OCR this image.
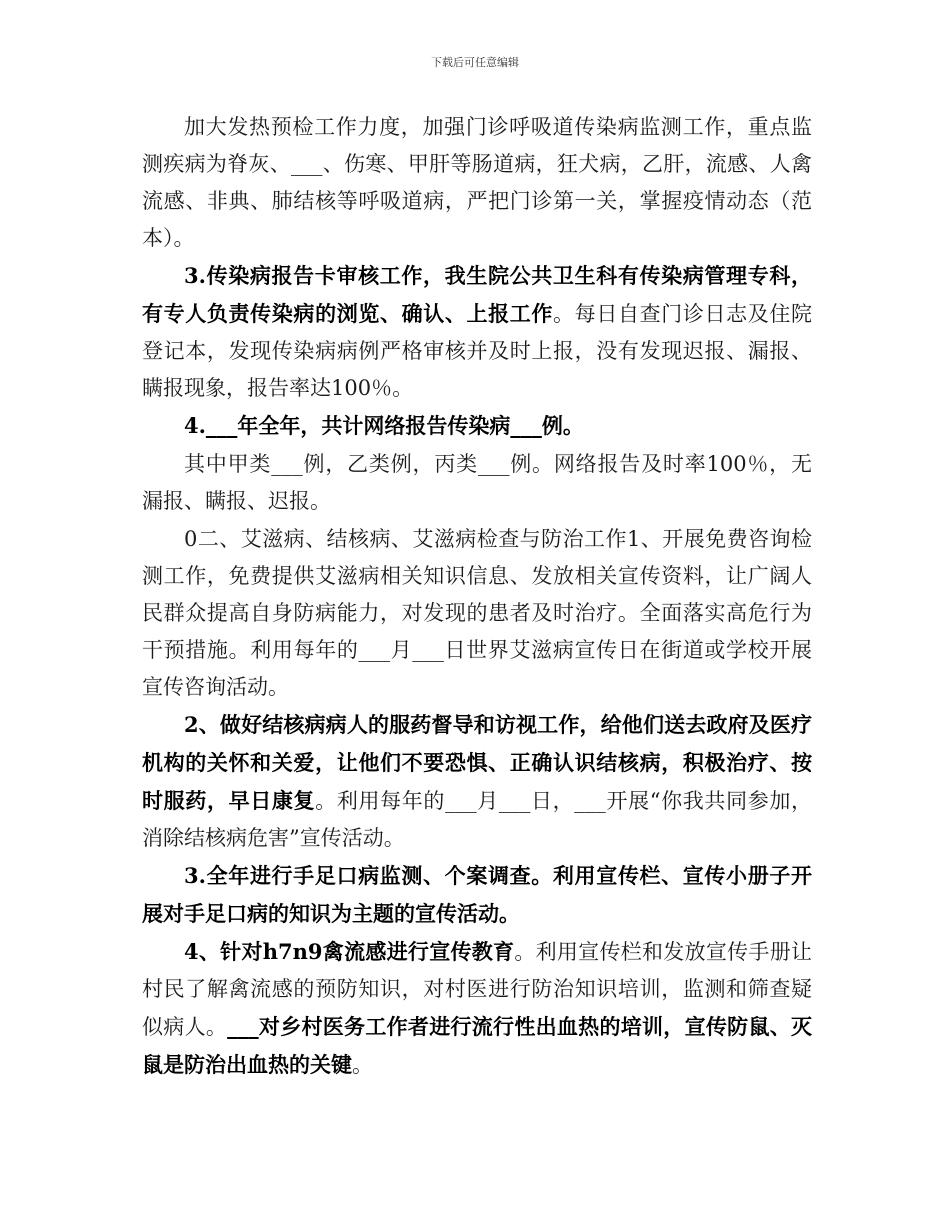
下载后可任意编辑

加大发热预检工作力度，加强门诊呼吸道传染病监测工作，重点监测疾病为脊灰、___、伤寒、甲肝等肠道病，狂犬病，乙肝，流感、人禽流感、非典、肺结核等呼吸道病，严把门诊第一关，掌握疫情动态（范本）。

3.传染病报告卡审核工作，我生院公共卫生科有传染病管理专科，有专人负责传染病的浏览、确认、上报工作。每日自查门诊日志及住院登记本，发现传染病病例严格审核并及时上报，没有发现迟报、漏报、瞒报现象，报告率达100％。

4.___年全年，共计网络报告传染病___例。

其中甲类___例，乙类例，丙类___例。网络报告及时率100％，无漏报、瞒报、迟报。

0二、艾滋病、结核病、艾滋病检查与防治工作1、开展免费咨询检测工作，免费提供艾滋病相关知识信息、发放相关宣传资料，让广阔人民群众提高自身防病能力，对发现的患者及时治疗。全面落实高危行为干预措施。利用每年的___月___日世界艾滋病宣传日在街道或学校开展宣传咨询活动。

2、做好结核病病人的服药督导和访视工作，给他们送去政府及医疗机构的关怀和关爱，让他们不要恐惧、正确认识结核病，积极治疗、按时服药，早日康复。利用每年的___月___日，___开展“你我共同参加，消除结核病危害”宣传活动。

3.全年进行手足口病监测、个案调查。利用宣传栏、宣传小册子开展对手足口病的知识为主题的宣传活动。

4、针对h7n9禽流感进行宣传教育。利用宣传栏和发放宣传手册让村民了解禽流感的预防知识，对村医进行防治知识培训，监测和筛查疑似病人。___对乡村医务工作者进行流行性出血热的培训，宣传防鼠、灭鼠是防治出血热的关键。
